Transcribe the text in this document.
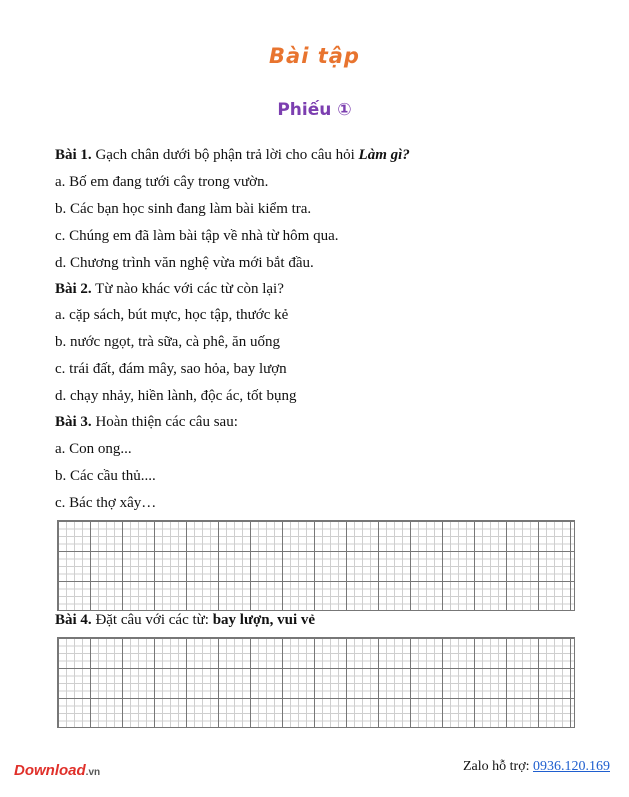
Bài tập
Phiếu ①
Bài 1. Gạch chân dưới bộ phận trả lời cho câu hỏi Làm gì?
a. Bố em đang tưới cây trong vườn.
b. Các bạn học sinh đang làm bài kiểm tra.
c. Chúng em đã làm bài tập về nhà từ hôm qua.
d. Chương trình văn nghệ vừa mới bắt đầu.
Bài 2. Từ nào khác với các từ còn lại?
a. cặp sách, bút mực, học tập, thước kẻ
b. nước ngọt, trà sữa, cà phê, ăn uống
c. trái đất, đám mây, sao hỏa, bay lượn
d. chạy nhảy, hiền lành, độc ác, tốt bụng
Bài 3. Hoàn thiện các câu sau:
a. Con ong...
b. Các cầu thủ....
c. Bác thợ xây…
Bài 4. Đặt câu với các từ: bay lượn, vui vẻ
Download.vn	Zalo hỗ trợ: 0936.120.169
